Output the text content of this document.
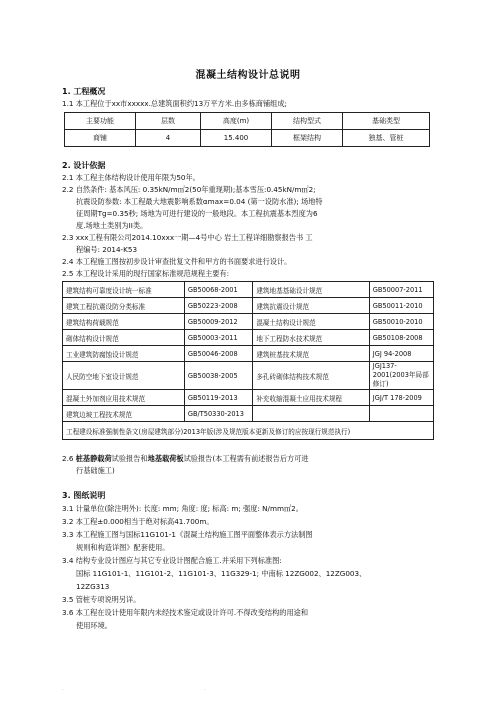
混凝土结构设计总说明
1. 工程概况
1.1 本工程位于xx市xxxxx.总建筑面积约13万平方米.由多栋商铺组成;
主要功能	层数	高度(m)	结构型式	基础类型
商铺	4	15.400	框架结构	独基、管桩
2. 设计依据
2.1 本工程主体结构设计使用年限为50年。
2.2 自然条件: 基本风压: 0.35kN/m㎡2(50年重现期);基本雪压:0.45kN/m㎡2;
抗震设防参数: 本工程最大地震影响系数αmax=0.04 (第一设防水准); 场地特
征周期Tg=0.35秒; 场地为可进行建设的一般地段。本工程抗震基本烈度为6
度.场地土类别为II类。
2.3 xxx工程有限公司2014.10xxx一期—4号中心 岩土工程详细勘察报告书 工
程编号: 2014-K53
2.4 本工程施工图按初步设计审查批复文件和甲方的书面要求进行设计。
2.5 本工程设计采用的现行国家标准规范规程主要有:
建筑结构可靠度设计统一标准	GB50068-2001	建筑地基基础设计规范	GB50007-2011
建筑工程抗震设防分类标准	GB50223-2008	建筑抗震设计规范	GB50011-2010
建筑结构荷载规范	GB50009-2012	混凝土结构设计规范	GB50010-2010
砌体结构设计规范	GB50003-2011	地下工程防水技术规范	GB50108-2008
工业建筑防腐蚀设计规范	GB50046-2008	建筑桩基技术规范	JGJ 94-2008
人民防空地下室设计规范	GB50038-2005	多孔砖砌体结构技术规范	JGJ137-2001(2003年局部修订)
混凝土外加剂应用技术规范	GB50119-2013	补充收缩混凝土应用技术规程	JGJ/T 178-2009
建筑边坡工程技术规范	GB/T50330-2013		
工程建设标准强制性条文(房屋建筑部分)2013年版(涉及规范版本更新及修订的应按现行规范执行)			
2.6 桩基静载荷试验报告和地基载荷板试验报告(本工程需有前述报告后方可进
行基础施工)
3. 图纸说明
3.1 计量单位(除注明外): 长度: mm; 角度: 度; 标高: m; 强度: N/mm㎡2。
3.2 本工程±0.000相当于绝对标高41.700m。
3.3 本工程施工图与国标11G101-1《混凝土结构施工图平面整体表示方法制图
规则和构造详图》配套使用。
3.4 结构专业设计图应与其它专业设计图配合施工.并采用下列标准图:
国标 11G101-1、11G101-2、11G101-3、11G329-1; 中南标 12ZG002、12ZG003、
12ZG313
3.5 管桩专项说明另详。
3.6 本工程在设计使用年限内未经技术鉴定或设计许可.不得改变结构的用途和
使用环境。
.	.
